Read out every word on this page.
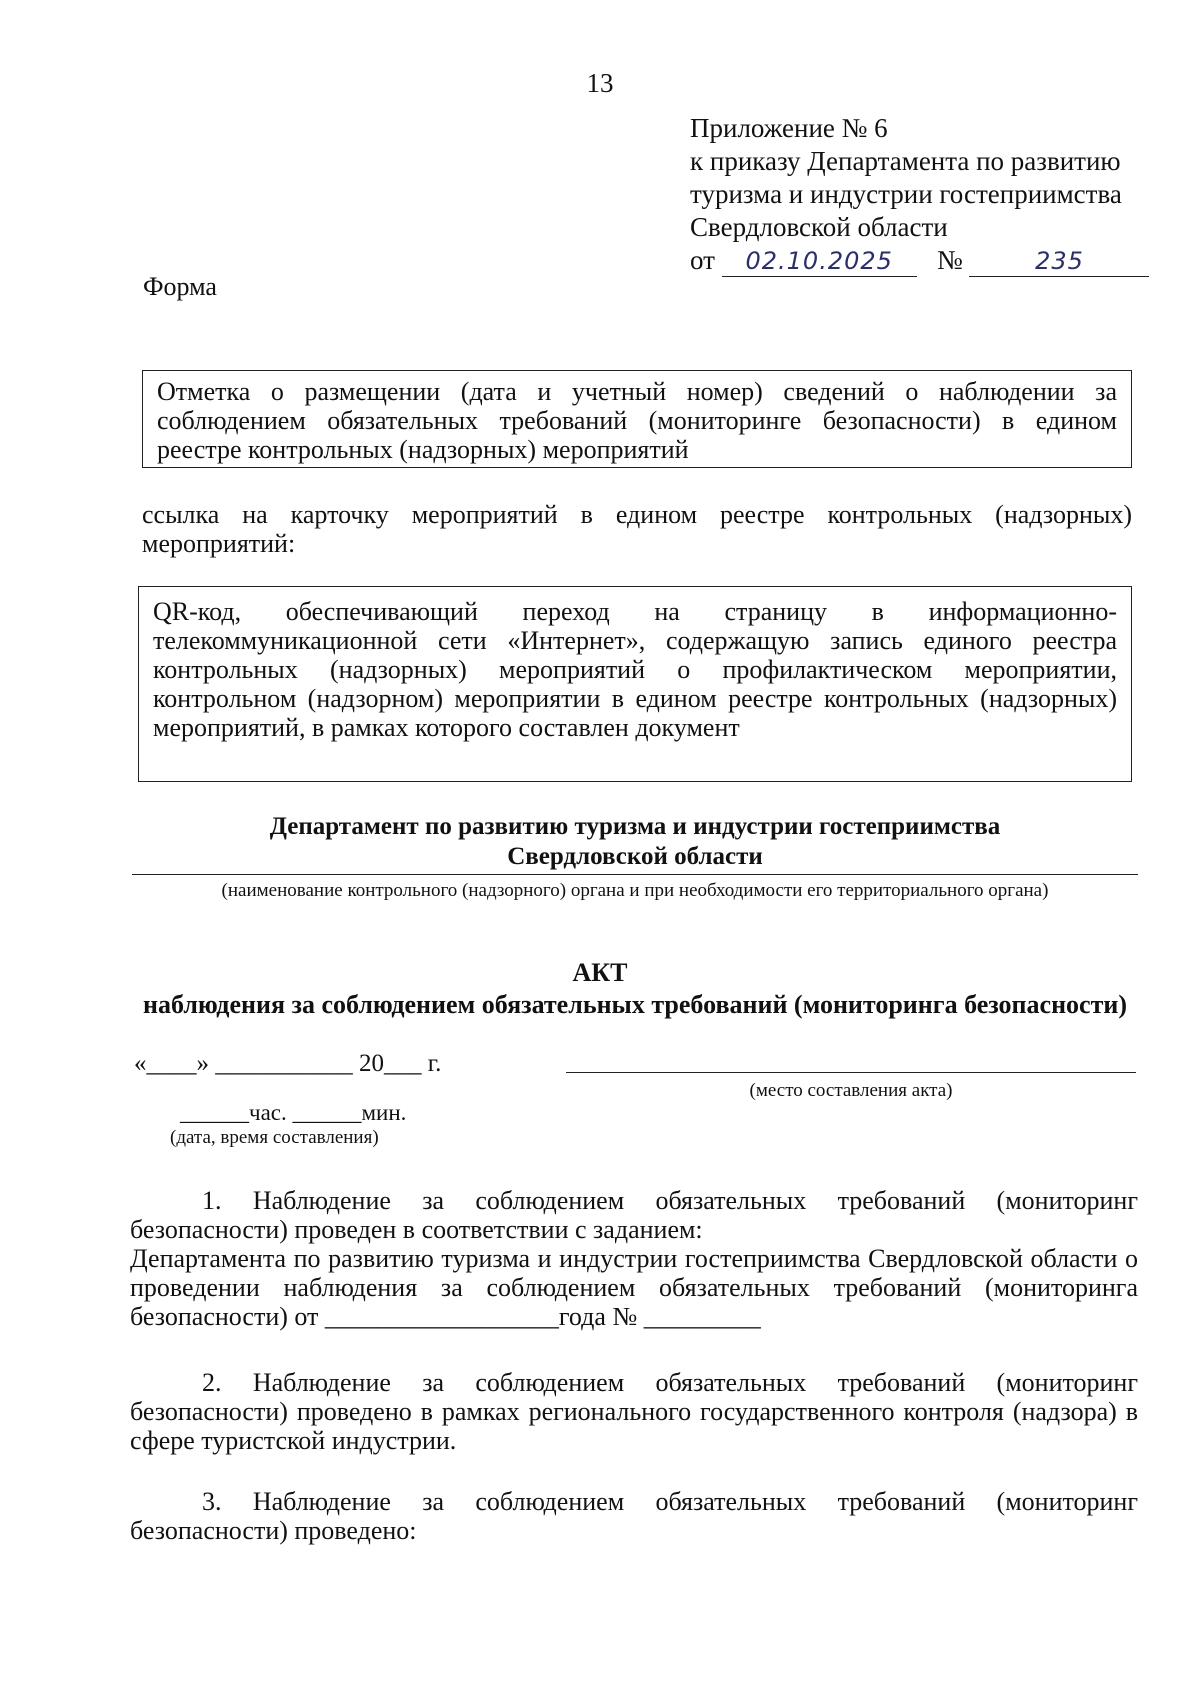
13
Приложение № 6
к приказу Департамента по развитию
туризма и индустрии гостеприимства
Свердловской области
от 02.10.2025 №	235
Форма
Отметка о размещении (дата и учетный номер) сведений о наблюдении за соблюдением обязательных требований (мониторинге безопасности) в едином реестре контрольных (надзорных) мероприятий
ссылка на карточку мероприятий в едином реестре контрольных (надзорных) мероприятий:
QR-код, обеспечивающий переход на страницу в информационно-телекоммуникационной сети «Интернет», содержащую запись единого реестра контрольных (надзорных) мероприятий о профилактическом мероприятии, контрольном (надзорном) мероприятии в едином реестре контрольных (надзорных) мероприятий, в рамках которого составлен документ
Департамент по развитию туризма и индустрии гостеприимства
Свердловской области
(наименование контрольного (надзорного) органа и при необходимости его территориального органа)
АКТ
наблюдения за соблюдением обязательных требований (мониторинга безопасности)
«____» ___________ 20___ г.
(место составления акта)
______час. ______мин.
(дата, время составления)
1. Наблюдение за соблюдением обязательных требований (мониторинг безопасности) проведен в соответствии с заданием:
Департамента по развитию туризма и индустрии гостеприимства Свердловской области о проведении наблюдения за соблюдением обязательных требований (мониторинга безопасности) от __________________года № _________
2. Наблюдение за соблюдением обязательных требований (мониторинг безопасности) проведено в рамках регионального государственного контроля (надзора) в сфере туристской индустрии.
3. Наблюдение за соблюдением обязательных требований (мониторинг безопасности) проведено:
